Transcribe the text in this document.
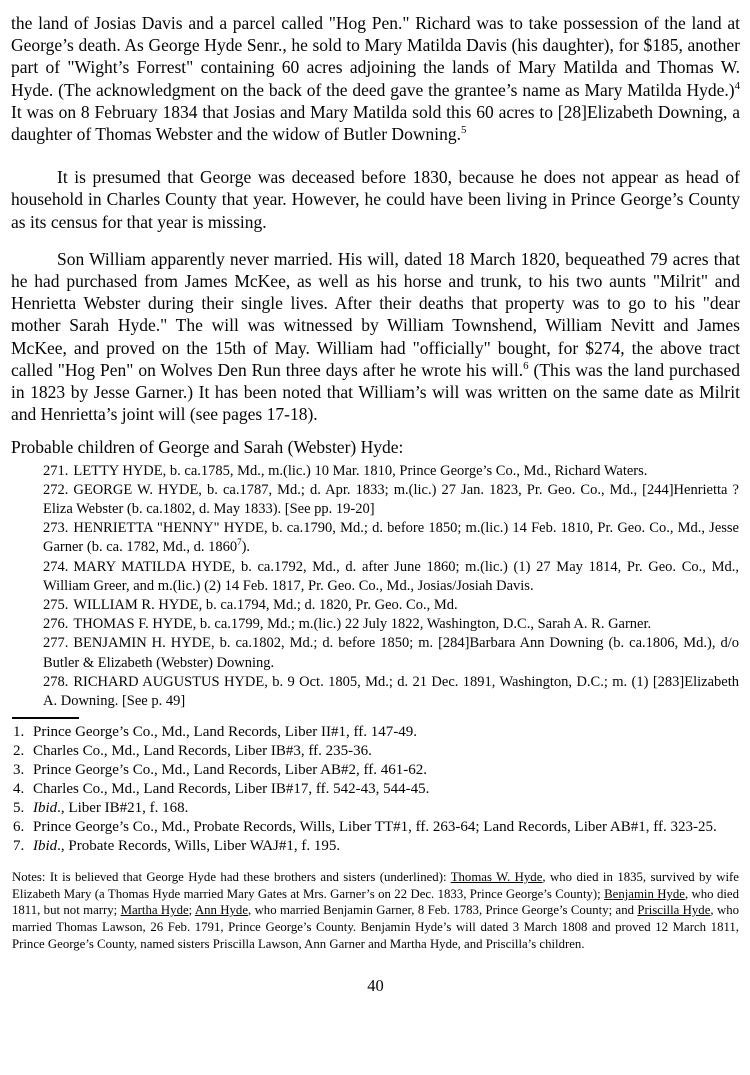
the land of Josias Davis and a parcel called "Hog Pen." Richard was to take possession of the land at George’s death. As George Hyde Senr., he sold to Mary Matilda Davis (his daughter), for $185, another part of "Wight’s Forrest" containing 60 acres adjoining the lands of Mary Matilda and Thomas W. Hyde. (The acknowledgment on the back of the deed gave the grantee’s name as Mary Matilda Hyde.)$^4$ It was on 8 February 1834 that Josias and Mary Matilda sold this 60 acres to [28]Elizabeth Downing, a daughter of Thomas Webster and the widow of Butler Downing.$^5$

It is presumed that George was deceased before 1830, because he does not appear as head of household in Charles County that year. However, he could have been living in Prince George’s County as its census for that year is missing.

Son William apparently never married. His will, dated 18 March 1820, bequeathed 79 acres that he had purchased from James McKee, as well as his horse and trunk, to his two aunts "Milrit" and Henrietta Webster during their single lives. After their deaths that property was to go to his "dear mother Sarah Hyde." The will was witnessed by William Townshend, William Nevitt and James McKee, and proved on the 15th of May. William had "officially" bought, for $274, the above tract called "Hog Pen" on Wolves Den Run three days after he wrote his will.$^6$ (This was the land purchased in 1823 by Jesse Garner.) It has been noted that William’s will was written on the same date as Milrit and Henrietta’s joint will (see pages 17-18).

Probable children of George and Sarah (Webster) Hyde:

271. LETTY HYDE, b. ca.1785, Md., m.(lic.) 10 Mar. 1810, Prince George’s Co., Md., Richard Waters.

272. GEORGE W. HYDE, b. ca.1787, Md.; d. Apr. 1833; m.(lic.) 27 Jan. 1823, Pr. Geo. Co., Md., [244]Henrietta ?Eliza Webster (b. ca.1802, d. May 1833). [See pp. 19-20]

273. HENRIETTA "HENNY" HYDE, b. ca.1790, Md.; d. before 1850; m.(lic.) 14 Feb. 1810, Pr. Geo. Co., Md., Jesse Garner (b. ca. 1782, Md., d. 1860$^7$).

274. MARY MATILDA HYDE, b. ca.1792, Md., d. after June 1860; m.(lic.) (1) 27 May 1814, Pr. Geo. Co., Md., William Greer, and m.(lic.) (2) 14 Feb. 1817, Pr. Geo. Co., Md., Josias/Josiah Davis.

275. WILLIAM R. HYDE, b. ca.1794, Md.; d. 1820, Pr. Geo. Co., Md.

276. THOMAS F. HYDE, b. ca.1799, Md.; m.(lic.) 22 July 1822, Washington, D.C., Sarah A. R. Garner.

277. BENJAMIN H. HYDE, b. ca.1802, Md.; d. before 1850; m. [284]Barbara Ann Downing (b. ca.1806, Md.), d/o Butler & Elizabeth (Webster) Downing.

278. RICHARD AUGUSTUS HYDE, b. 9 Oct. 1805, Md.; d. 21 Dec. 1891, Washington, D.C.; m. (1) [283]Elizabeth A. Downing. [See p. 49]

1. Prince George’s Co., Md., Land Records, Liber II#1, ff. 147-49.

2. Charles Co., Md., Land Records, Liber IB#3, ff. 235-36.

3. Prince George’s Co., Md., Land Records, Liber AB#2, ff. 461-62.

4. Charles Co., Md., Land Records, Liber IB#17, ff. 542-43, 544-45.

5. Ibid., Liber IB#21, f. 168.

6. Prince George’s Co., Md., Probate Records, Wills, Liber TT#1, ff. 263-64; Land Records, Liber AB#1, ff. 323-25.

7. Ibid., Probate Records, Wills, Liber WAJ#1, f. 195.

Notes: It is believed that George Hyde had these brothers and sisters (underlined): Thomas W. Hyde, who died in 1835, survived by wife Elizabeth Mary (a Thomas Hyde married Mary Gates at Mrs. Garner’s on 22 Dec. 1833, Prince George’s County); Benjamin Hyde, who died 1811, but not marry; Martha Hyde; Ann Hyde, who married Benjamin Garner, 8 Feb. 1783, Prince George’s County; and Priscilla Hyde, who married Thomas Lawson, 26 Feb. 1791, Prince George’s County. Benjamin Hyde’s will dated 3 March 1808 and proved 12 March 1811, Prince George’s County, named sisters Priscilla Lawson, Ann Garner and Martha Hyde, and Priscilla’s children.

40
